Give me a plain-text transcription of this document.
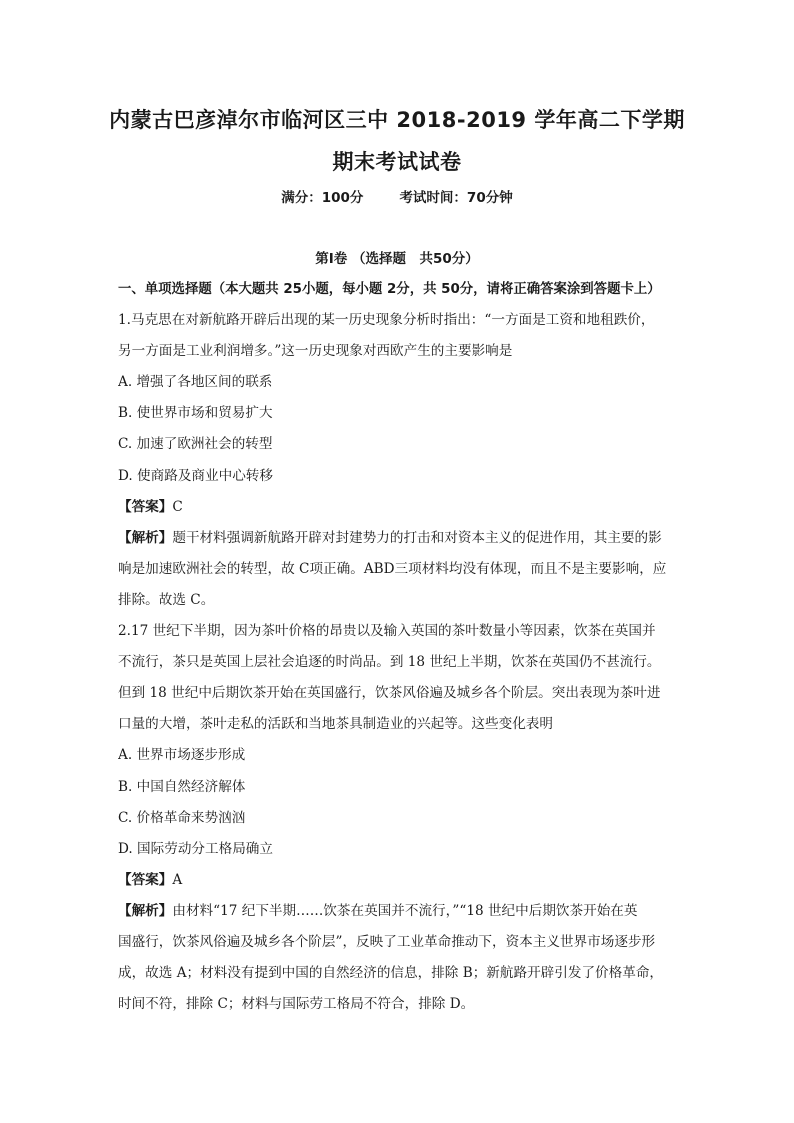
内蒙古巴彦淖尔市临河区三中 2018-2019 学年高二下学期
期末考试试卷
满分：100分	考试时间：70分钟
第Ⅰ卷 （选择题　共50分）

一、单项选择题（本大题共 25小题，每小题 2分，共 50分，请将正确答案涂到答题卡上）

1.马克思在对新航路开辟后出现的某一历史现象分析时指出：“一方面是工资和地租跌价，

另一方面是工业利润增多。”这一历史现象对西欧产生的主要影响是

A. 增强了各地区间的联系

B. 使世界市场和贸易扩大

C. 加速了欧洲社会的转型

D. 使商路及商业中心转移

【答案】C

【解析】题干材料强调新航路开辟对封建势力的打击和对资本主义的促进作用，其主要的影

响是加速欧洲社会的转型，故 C项正确。ABD三项材料均没有体现，而且不是主要影响，应

排除。故选 C。

2.17 世纪下半期，因为茶叶价格的昂贵以及输入英国的茶叶数量小等因素，饮茶在英国并

不流行，茶只是英国上层社会追逐的时尚品。到 18 世纪上半期，饮茶在英国仍不甚流行。

但到 18 世纪中后期饮茶开始在英国盛行，饮茶风俗遍及城乡各个阶层。突出表现为茶叶进

口量的大增，茶叶走私的活跃和当地茶具制造业的兴起等。这些变化表明

A. 世界市场逐步形成

B. 中国自然经济解体

C. 价格革命来势汹汹

D. 国际劳动分工格局确立

【答案】A

【解析】由材料“17 纪下半期……饮茶在英国并不流行，”“18 世纪中后期饮茶开始在英

国盛行，饮茶风俗遍及城乡各个阶层”，反映了工业革命推动下，资本主义世界市场逐步形

成，故选 A；材料没有提到中国的自然经济的信息，排除 B；新航路开辟引发了价格革命，

时间不符，排除 C；材料与国际劳工格局不符合，排除 D。
